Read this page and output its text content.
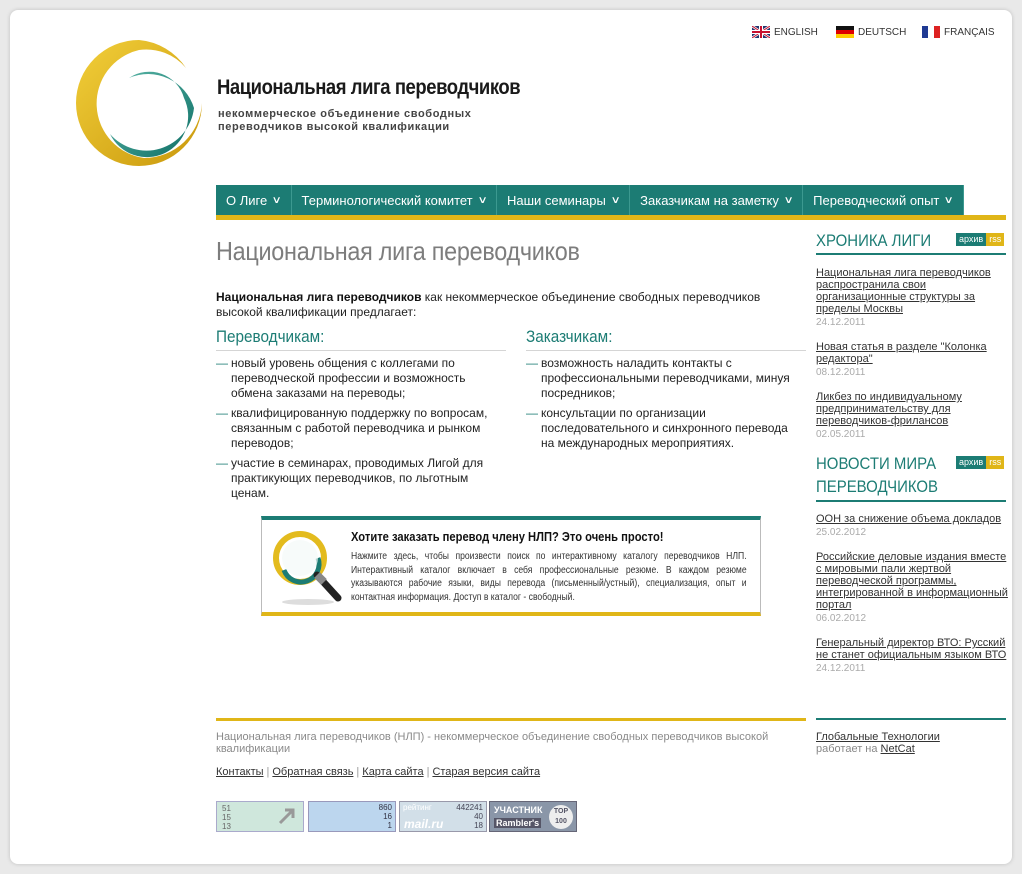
ENGLISH	DEUTSCH	FRANÇAIS
Национальная лига переводчиков
некоммерческое объединение свободных
переводчиков высокой квалификации
О Лиге ∨ Терминологический комитет ∨ Наши семинары ∨ Заказчикам на заметку ∨ Переводческий опыт ∨
Национальная лига переводчиков
Национальная лига переводчиков как некоммерческое объединение свободных переводчиков высокой квалификации предлагает:
Переводчикам:
— новый уровень общения с коллегами по переводческой профессии и возможность обмена заказами на переводы;
— квалифицированную поддержку по вопросам, связанным с работой переводчика и рынком переводов;
— участие в семинарах, проводимых Лигой для практикующих переводчиков, по льготным ценам.
Заказчикам:
— возможность наладить контакты с профессиональными переводчиками, минуя посредников;
— консультации по организации последовательного и синхронного перевода на международных мероприятиях.
Хотите заказать перевод члену НЛП? Это очень просто!
Нажмите здесь, чтобы произвести поиск по интерактивному каталогу переводчиков НЛП. Интерактивный каталог включает в себя профессиональные резюме. В каждом резюме указываются рабочие языки, виды перевода (письменный/устный), специализация, опыт и контактная информация. Доступ в каталог - свободный.
ХРОНИКА ЛИГИ	архив rss
Национальная лига переводчиков распространила свои организационные структуры за пределы Москвы
24.12.2011
Новая статья в разделе "Колонка редактора"
08.12.2011
Ликбез по индивидуальному предпринимательству для переводчиков-фрилансов
02.05.2011
НОВОСТИ МИРА
ПЕРЕВОДЧИКОВ
архив rss
ООН за снижение объема докладов
25.02.2012
Российские деловые издания вместе с мировыми пали жертвой переводческой программы, интегрированной в информационный портал
06.02.2012
Генеральный директор ВТО: Русский не станет официальным языком ВТО
24.12.2011
Национальная лига переводчиков (НЛП) - некоммерческое объединение свободных переводчиков высокой квалификации
Контакты | Обратная связь | Карта сайта | Старая версия сайта
Глобальные Технологии
работает на NetCat
51
15
13
860
16
1
рейтинг
mail.ru
442241
40
18
УЧАСТНИК
Rambler's
TOP 100
